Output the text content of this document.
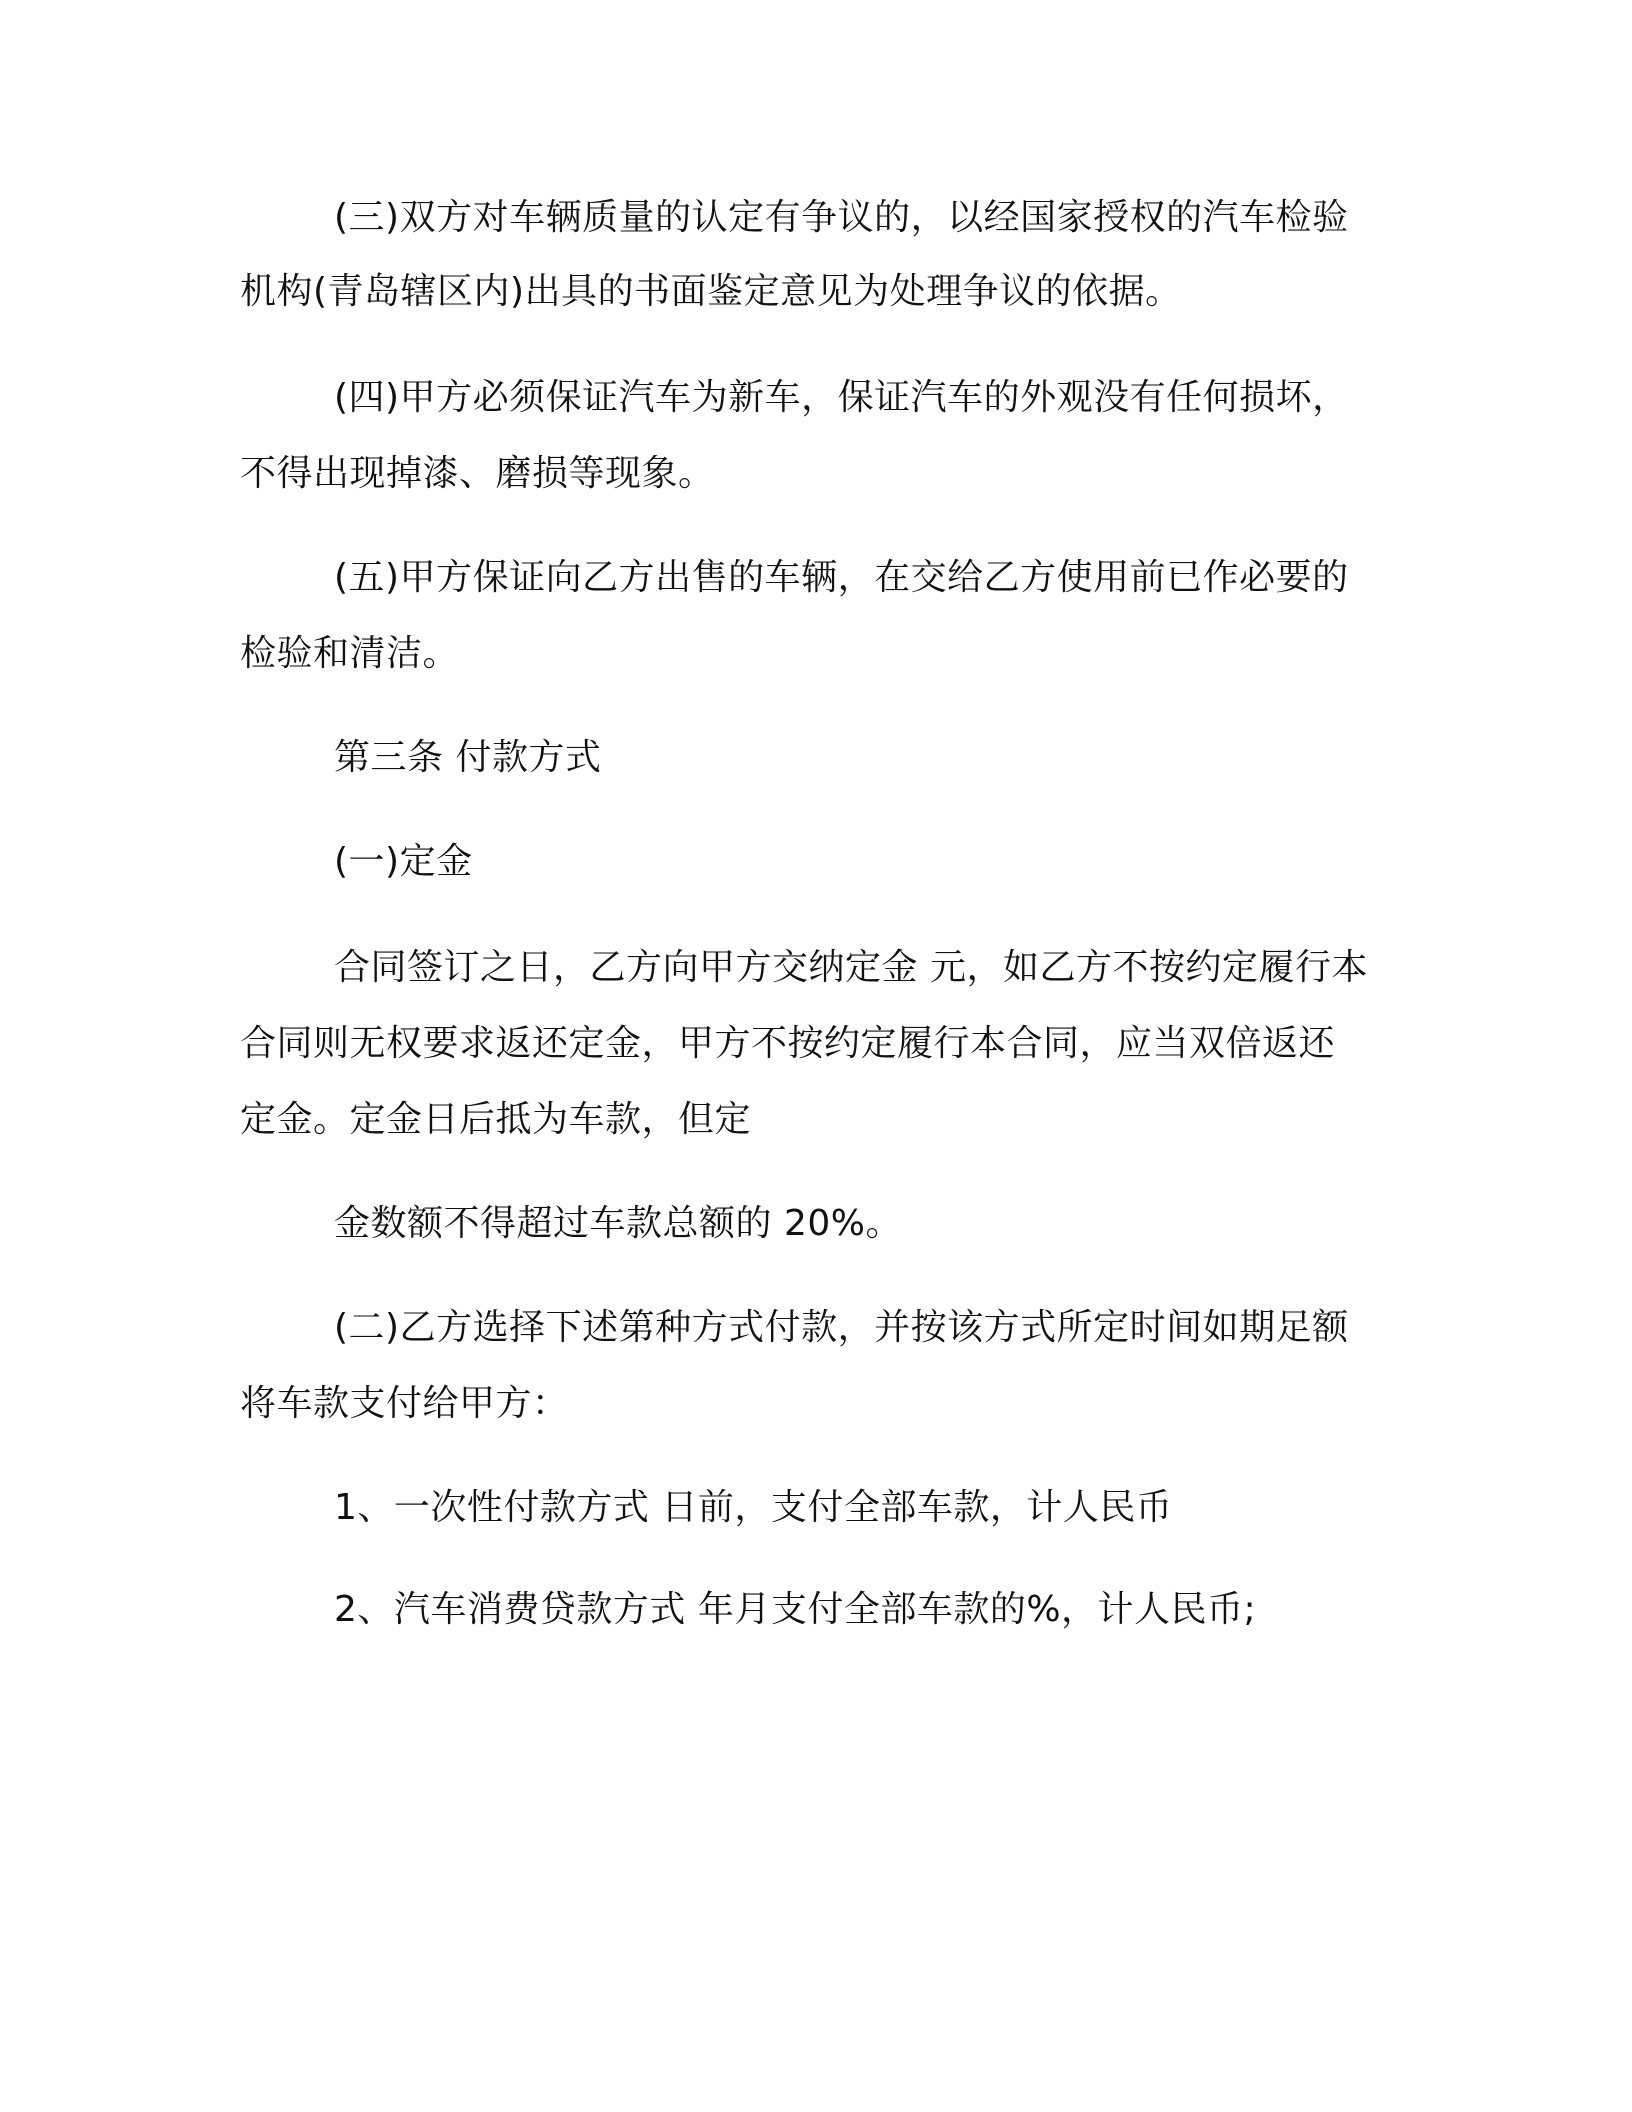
(三)双方对车辆质量的认定有争议的，以经国家授权的汽车检验
机构(青岛辖区内)出具的书面鉴定意见为处理争议的依据。
(四)甲方必须保证汽车为新车，保证汽车的外观没有任何损坏，
不得出现掉漆、磨损等现象。
(五)甲方保证向乙方出售的车辆，在交给乙方使用前已作必要的
检验和清洁。
第三条 付款方式
(一)定金
合同签订之日，乙方向甲方交纳定金 元，如乙方不按约定履行本
合同则无权要求返还定金，甲方不按约定履行本合同，应当双倍返还
定金。定金日后抵为车款，但定
金数额不得超过车款总额的 20%。
(二)乙方选择下述第种方式付款，并按该方式所定时间如期足额
将车款支付给甲方：
1、一次性付款方式 日前，支付全部车款，计人民币
2、汽车消费贷款方式 年月支付全部车款的%，计人民币;
